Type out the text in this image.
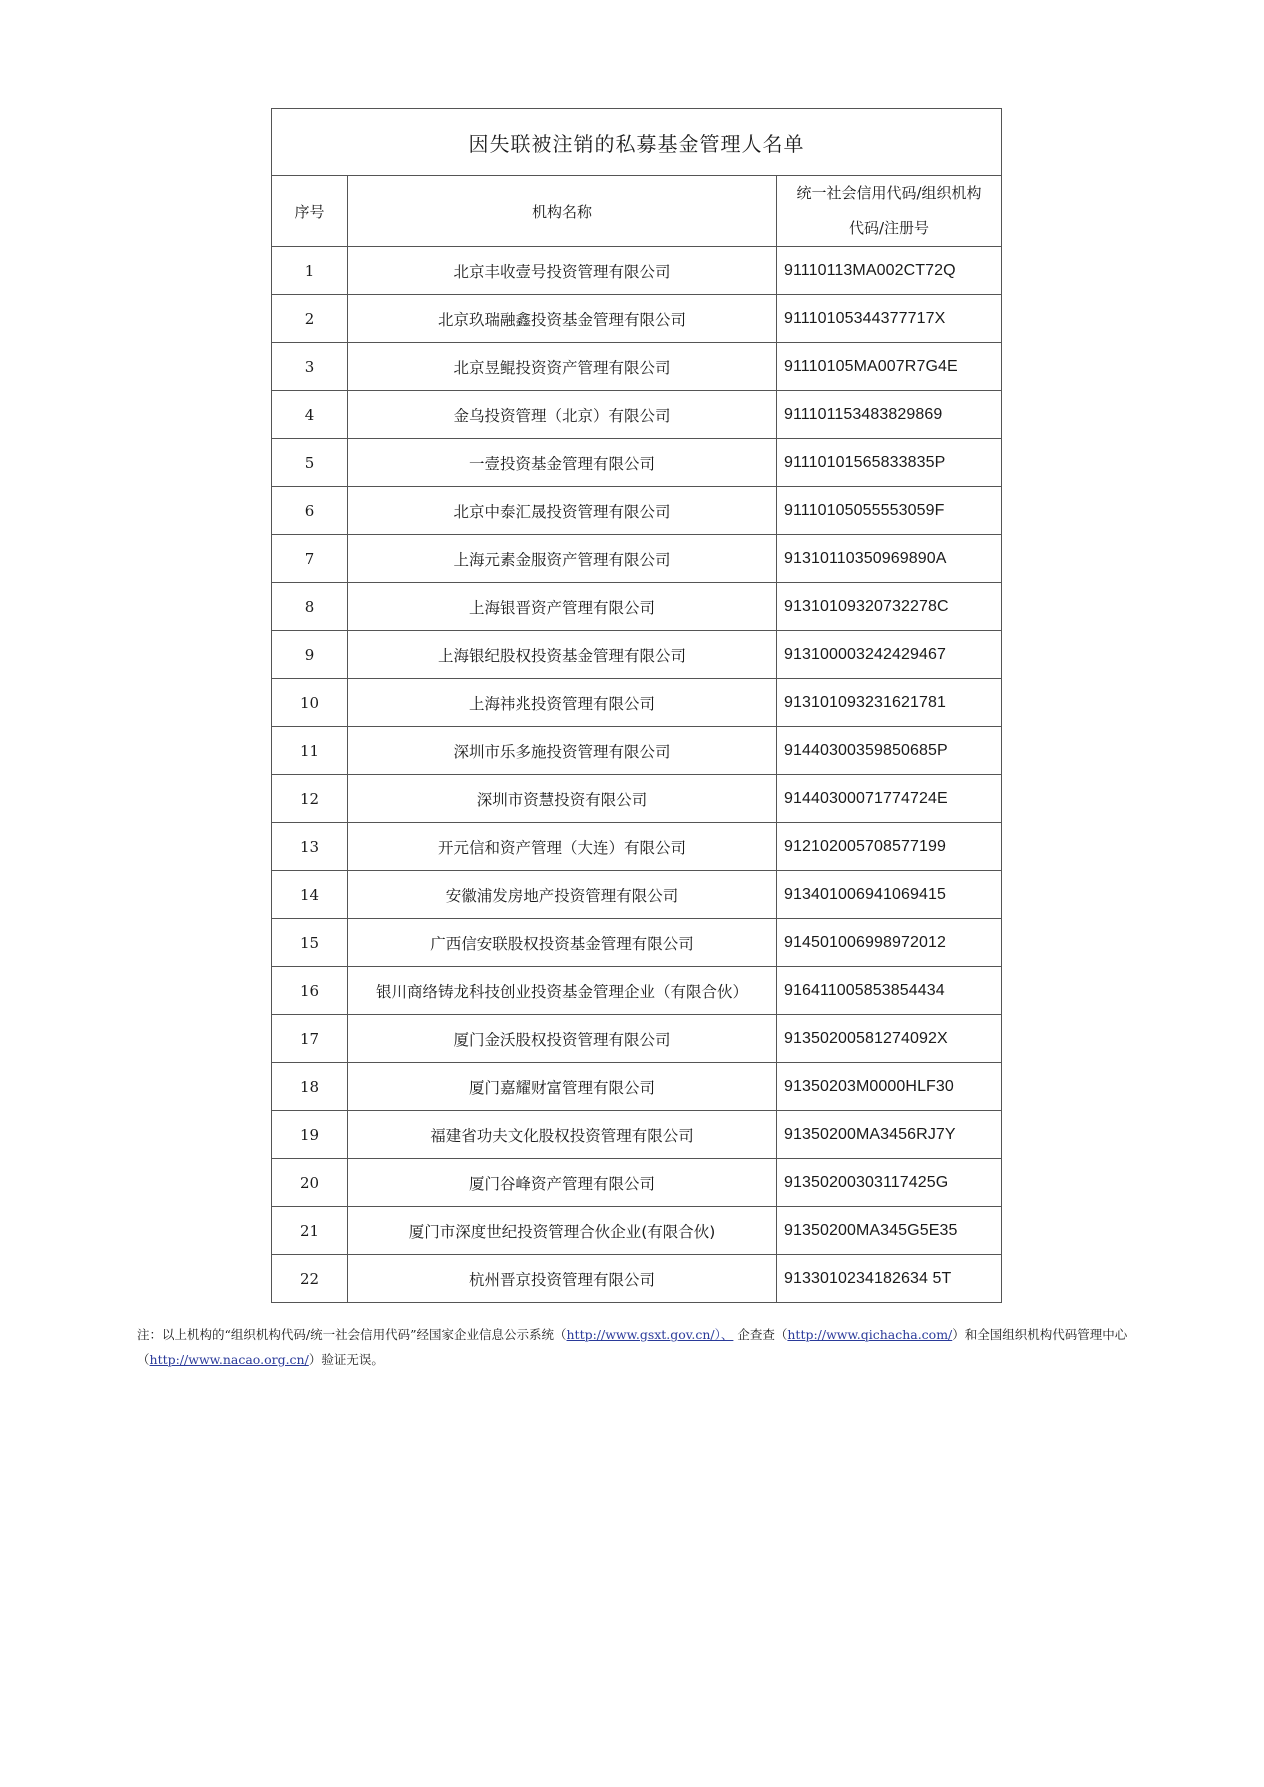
因失联被注销的私募基金管理人名单		
序号	机构名称	统一社会信用代码/组织机构
代码/注册号

1	北京丰收壹号投资管理有限公司	91110113MA002CT72Q
2	北京玖瑞融鑫投资基金管理有限公司	91110105344377717X
3	北京昱鲲投资资产管理有限公司	91110105MA007R7G4E
4	金乌投资管理（北京）有限公司	911101153483829869
5	一壹投资基金管理有限公司	91110101565833835P
6	北京中泰汇晟投资管理有限公司	91110105055553059F
7	上海元素金服资产管理有限公司	91310110350969890A
8	上海银晋资产管理有限公司	91310109320732278C
9	上海银纪股权投资基金管理有限公司	913100003242429467
10	上海祎兆投资管理有限公司	913101093231621781
11	深圳市乐多施投资管理有限公司	91440300359850685P
12	深圳市资慧投资有限公司	91440300071774724E
13	开元信和资产管理（大连）有限公司	912102005708577199
14	安徽浦发房地产投资管理有限公司	913401006941069415
15	广西信安联股权投资基金管理有限公司	914501006998972012
16	银川商络铸龙科技创业投资基金管理企业（有限合伙）	916411005853854434
17	厦门金沃股权投资管理有限公司	91350200581274092X
18	厦门嘉耀财富管理有限公司	91350203M0000HLF30
19	福建省功夫文化股权投资管理有限公司	91350200MA3456RJ7Y
20	厦门谷峰资产管理有限公司	91350200303117425G
21	厦门市深度世纪投资管理合伙企业(有限合伙)	91350200MA345G5E35
22	杭州晋京投资管理有限公司	9133010234182634 5T
注：以上机构的“组织机构代码/统一社会信用代码”经国家企业信息公示系统（http://www.gsxt.gov.cn/）、 企查查（http://www.qichacha.com/）和全国组织机构代码管理中心（http://www.nacao.org.cn/）验证无误。
